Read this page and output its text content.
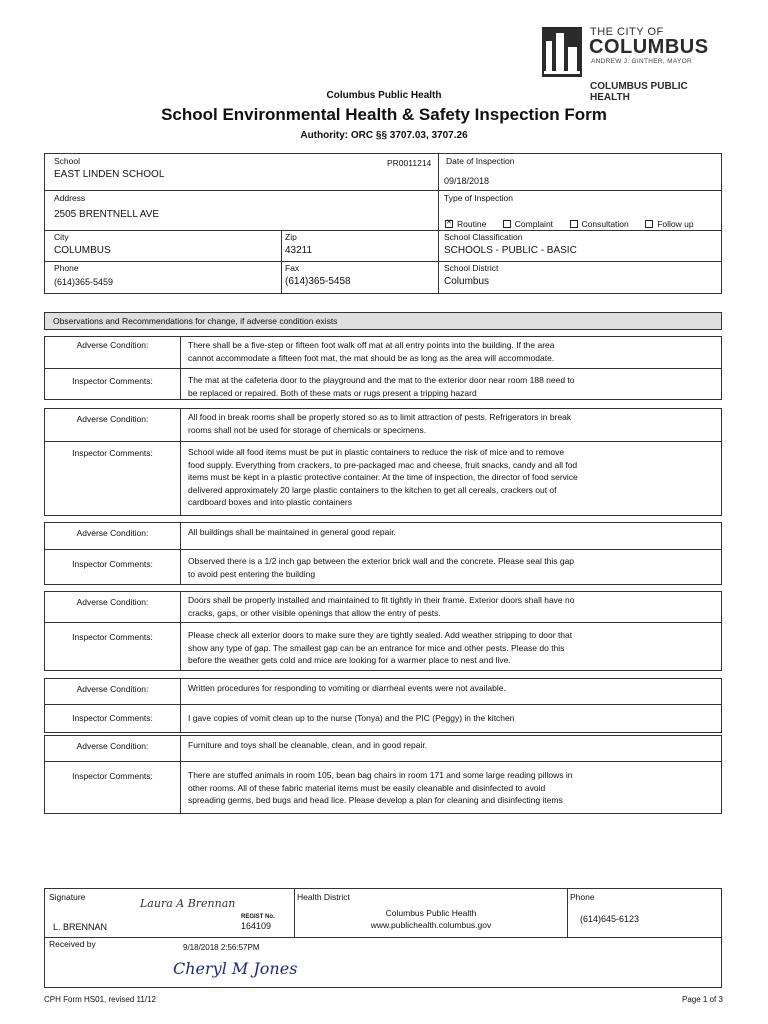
THE CITY OF
COLUMBUS
ANDREW J. GINTHER, MAYOR
COLUMBUS PUBLIC HEALTH
Columbus Public Health
School Environmental Health & Safety Inspection Form
Authority: ORC §§ 3707.03, 3707.26
School
EAST LINDEN SCHOOL
PR0011214 Date of Inspection
09/18/2018
Address
2505 BRENTNELL AVE
Type of Inspection
✕Routine	Complaint	Consultation	Follow up
City
COLUMBUS
Zip
43211
School Classification
SCHOOLS - PUBLIC - BASIC
Phone
(614)365-5459
Fax
(614)365-5458
School District
Columbus
Observations and Recommendations for change, if adverse condition exists
Adverse Condition:	There shall be a five-step or fifteen foot walk off mat at all entry points into the building. If the area
cannot accommodate a fifteen foot mat, the mat should be as long as the area will accommodate.
Inspector Comments:	The mat at the cafeteria door to the playground and the mat to the exterior door near room 188 need to
be replaced or repaired. Both of these mats or rugs present a tripping hazard
Adverse Condition:	All food in break rooms shall be properly stored so as to limit attraction of pests. Refrigerators in break
rooms shall not be used for storage of chemicals or specimens.
Inspector Comments:	School wide all food items must be put in plastic containers to reduce the risk of mice and to remove
food supply. Everything from crackers, to pre-packaged mac and cheese, fruit snacks, candy and all fod
items must be kept in a plastic protective container. At the time of inspection, the director of food service
delivered approximately 20 large plastic containers to the kitchen to get all cereals, crackers out of
cardboard boxes and into plastic containers
Adverse Condition:	All buildings shall be maintained in general good repair.
Inspector Comments:	Observed there is a 1/2 inch gap between the exterior brick wall and the concrete. Please seal this gap
to avoid pest entering the building
Adverse Condition:	Doors shall be properly installed and maintained to fit tightly in their frame. Exterior doors shall have no
cracks, gaps, or other visible openings that allow the entry of pests.
Inspector Comments:	Please check all exterior doors to make sure they are tightly sealed. Add weather stripping to door that
show any type of gap. The smallest gap can be an entrance for mice and other pests. Please do this
before the weather gets cold and mice are looking for a warmer place to nest and live.
Adverse Condition:	Written procedures for responding to vomiting or diarrheal events were not available.
Inspector Comments:	I gave copies of vomit clean up to the nurse (Tonya) and the PIC (Peggy) in the kitchen
Adverse Condition:	Furniture and toys shall be cleanable, clean, and in good repair.
Inspector Comments:	There are stuffed animals in room 105, bean bag chairs in room 171 and some large reading pillows in
other rooms. All of these fabric material items must be easily cleanable and disinfected to avoid
spreading germs, bed bugs and head lice. Please develop a plan for cleaning and disinfecting items
Signature	Laura A Brennan
REGIST No.
164109
L. BRENNAN
Health District
Columbus Public Health
www.publichealth.columbus.gov
Phone
(614)645-6123
Received by	9/18/2018 2:56:57PM
Cheryl M Jones
CPH Form HS01, revised 11/12	Page 1 of 3
